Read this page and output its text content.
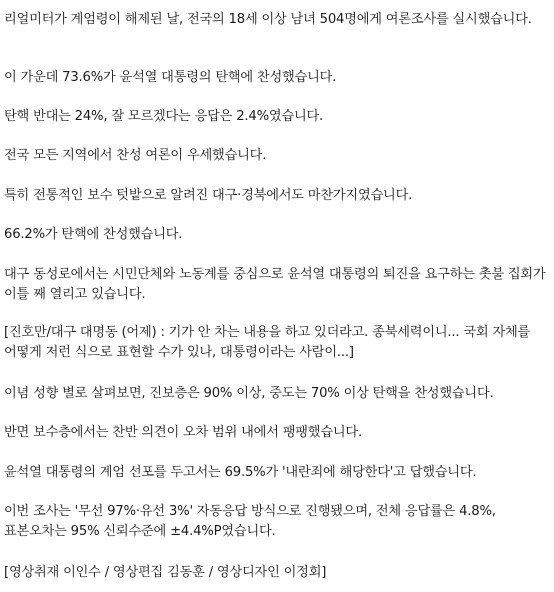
리얼미터가 계엄령이 해제된 날, 전국의 18세 이상 남녀 504명에게 여론조사를 실시했습니다.

이 가운데 73.6%가 윤석열 대통령의 탄핵에 찬성했습니다.

탄핵 반대는 24%, 잘 모르겠다는 응답은 2.4%였습니다.

전국 모든 지역에서 찬성 여론이 우세했습니다.

특히 전통적인 보수 텃밭으로 알려진 대구·경북에서도 마찬가지였습니다.

66.2%가 탄핵에 찬성했습니다.

대구 동성로에서는 시민단체와 노동계를 중심으로 윤석열 대통령의 퇴진을 요구하는 촛불 집회가 이틀 째 열리고 있습니다.

[진호만/대구 대명동 (어제) : 기가 안 차는 내용을 하고 있더라고. 종북세력이니... 국회 자체를 어떻게 저런 식으로 표현할 수가 있나, 대통령이라는 사람이...]

이념 성향 별로 살펴보면, 진보층은 90% 이상, 중도는 70% 이상 탄핵을 찬성했습니다.

반면 보수층에서는 찬반 의견이 오차 범위 내에서 팽팽했습니다.

윤석열 대통령의 계엄 선포를 두고서는 69.5%가 '내란죄에 해당한다'고 답했습니다.

이번 조사는 '무선 97%·유선 3%' 자동응답 방식으로 진행됐으며, 전체 응답률은 4.8%, 표본오차는 95% 신뢰수준에 ±4.4%P였습니다.

[영상취재 이인수 / 영상편집 김동훈 / 영상디자인 이정회]
